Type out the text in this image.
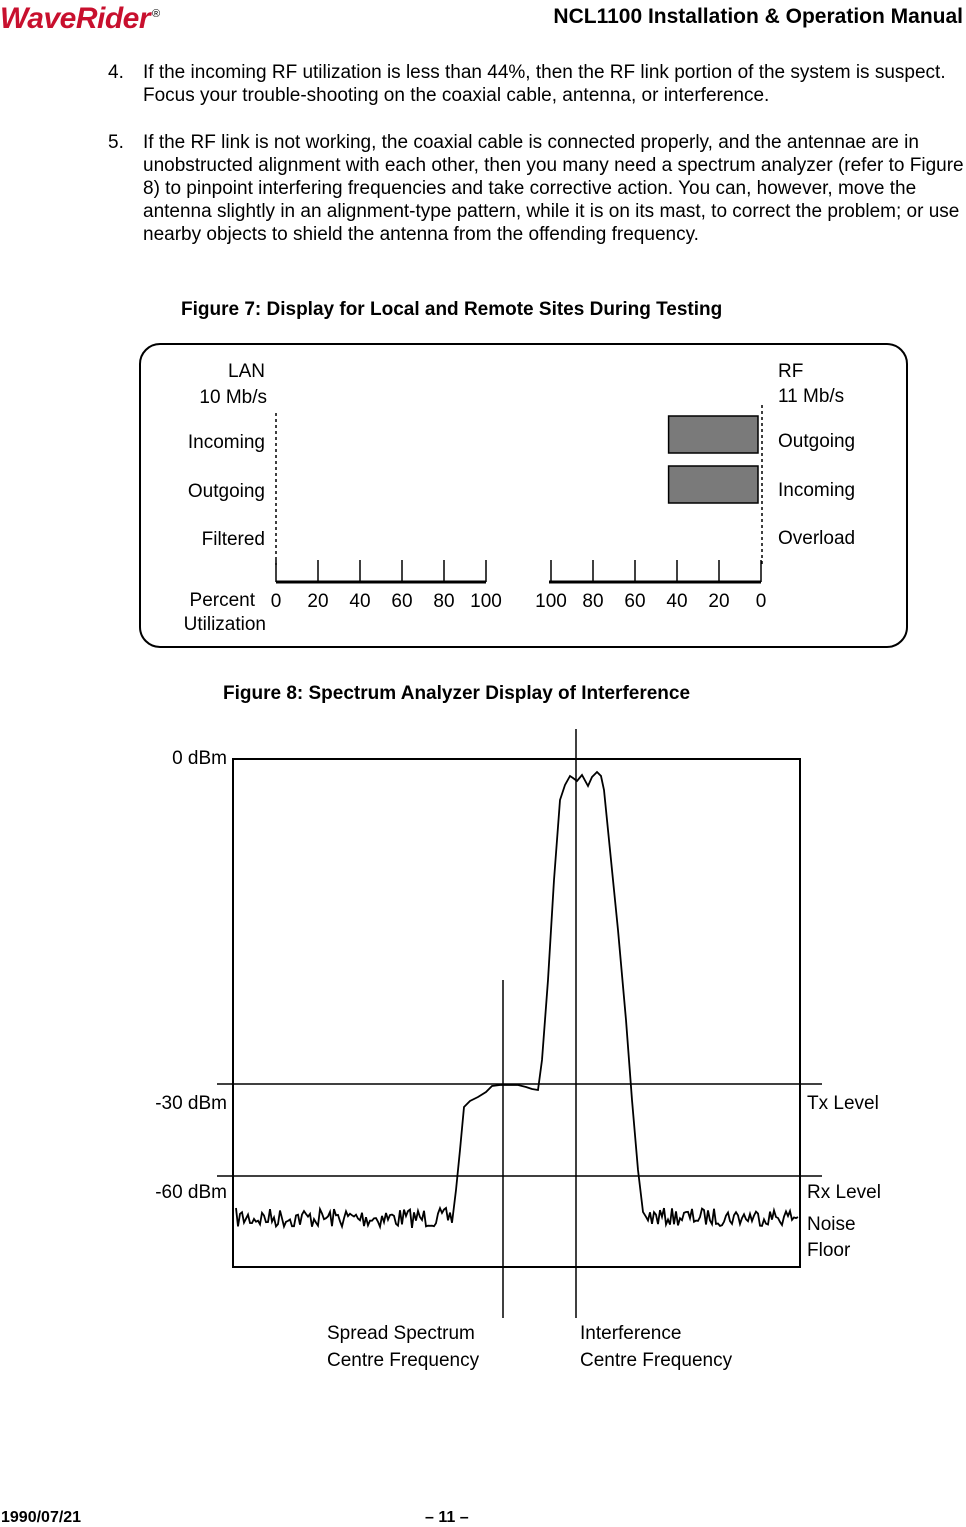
WaveRider ®	NCL1100 Installation & Operation Manual
4. If the incoming RF utilization is less than 44%, then the RF link portion of the system is suspect. Focus your trouble-shooting on the coaxial cable, antenna, or interference.
5. If the RF link is not working, the coaxial cable is connected properly, and the antennae are in unobstructed alignment with each other, then you many need a spectrum analyzer (refer to Figure 8) to pinpoint interfering frequencies and take corrective action. You can, however, move the antenna slightly in an alignment-type pattern, while it is on its mast, to correct the problem; or use nearby objects to shield the antenna from the offending frequency.
Figure 7: Display for Local and Remote Sites During Testing
LAN
10 Mb/s
Incoming
Outgoing
Filtered
RF
11 Mb/s
Outgoing
Incoming
Overload
Percent
Utilization
0 20 40 60 80 100 100 80 60 40 20 0
Figure 8: Spectrum Analyzer Display of Interference
0 dBm
-30 dBm
-60 dBm
Tx Level
Rx Level
Noise
Floor
Spread Spectrum
Centre Frequency
Interference
Centre Frequency
1990/07/21	– 11 –
